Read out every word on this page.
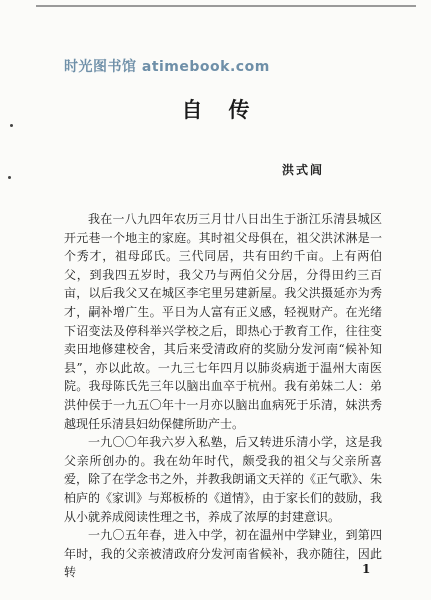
时光图书馆 atimebook.com
自传
洪式闾

我在一八九四年农历三月廿八日出生于浙江乐清县城区开元巷一个地主的家庭。其时祖父母俱在，祖父洪沭淋是一个秀才，祖母邱氏。三代同居，共有田约千亩。上有两伯父，到我四五岁时，我父乃与两伯父分居，分得田约三百亩，以后我父又在城区李宅里另建新屋。我父洪摄延亦为秀才，嗣补增广生。平日为人富有正义感，轻视财产。在光绪下诏变法及停科举兴学校之后，即热心于教育工作，往往变卖田地修建校舍，其后来受清政府的奖励分发河南“候补知县”，亦以此故。一九三七年四月以肺炎病逝于温州大南医院。我母陈氏先三年以脑出血卒于杭州。我有弟妹二人：弟洪仲侯于一九五〇年十一月亦以脑出血病死于乐清，妹洪秀越现任乐清县妇幼保健所助产士。

一九〇〇年我六岁入私塾，后又转进乐清小学，这是我父亲所创办的。我在幼年时代，颇受我的祖父与父亲所喜爱，除了在学念书之外，并教我朗诵文天祥的《正气歌》、朱柏庐的《家训》与郑板桥的《道情》，由于家长们的鼓励，我从小就养成阅读性理之书，养成了浓厚的封建意识。

一九〇五年春，进入中学，初在温州中学肄业，到第四年时，我的父亲被清政府分发河南省候补，我亦随往，因此转	1
